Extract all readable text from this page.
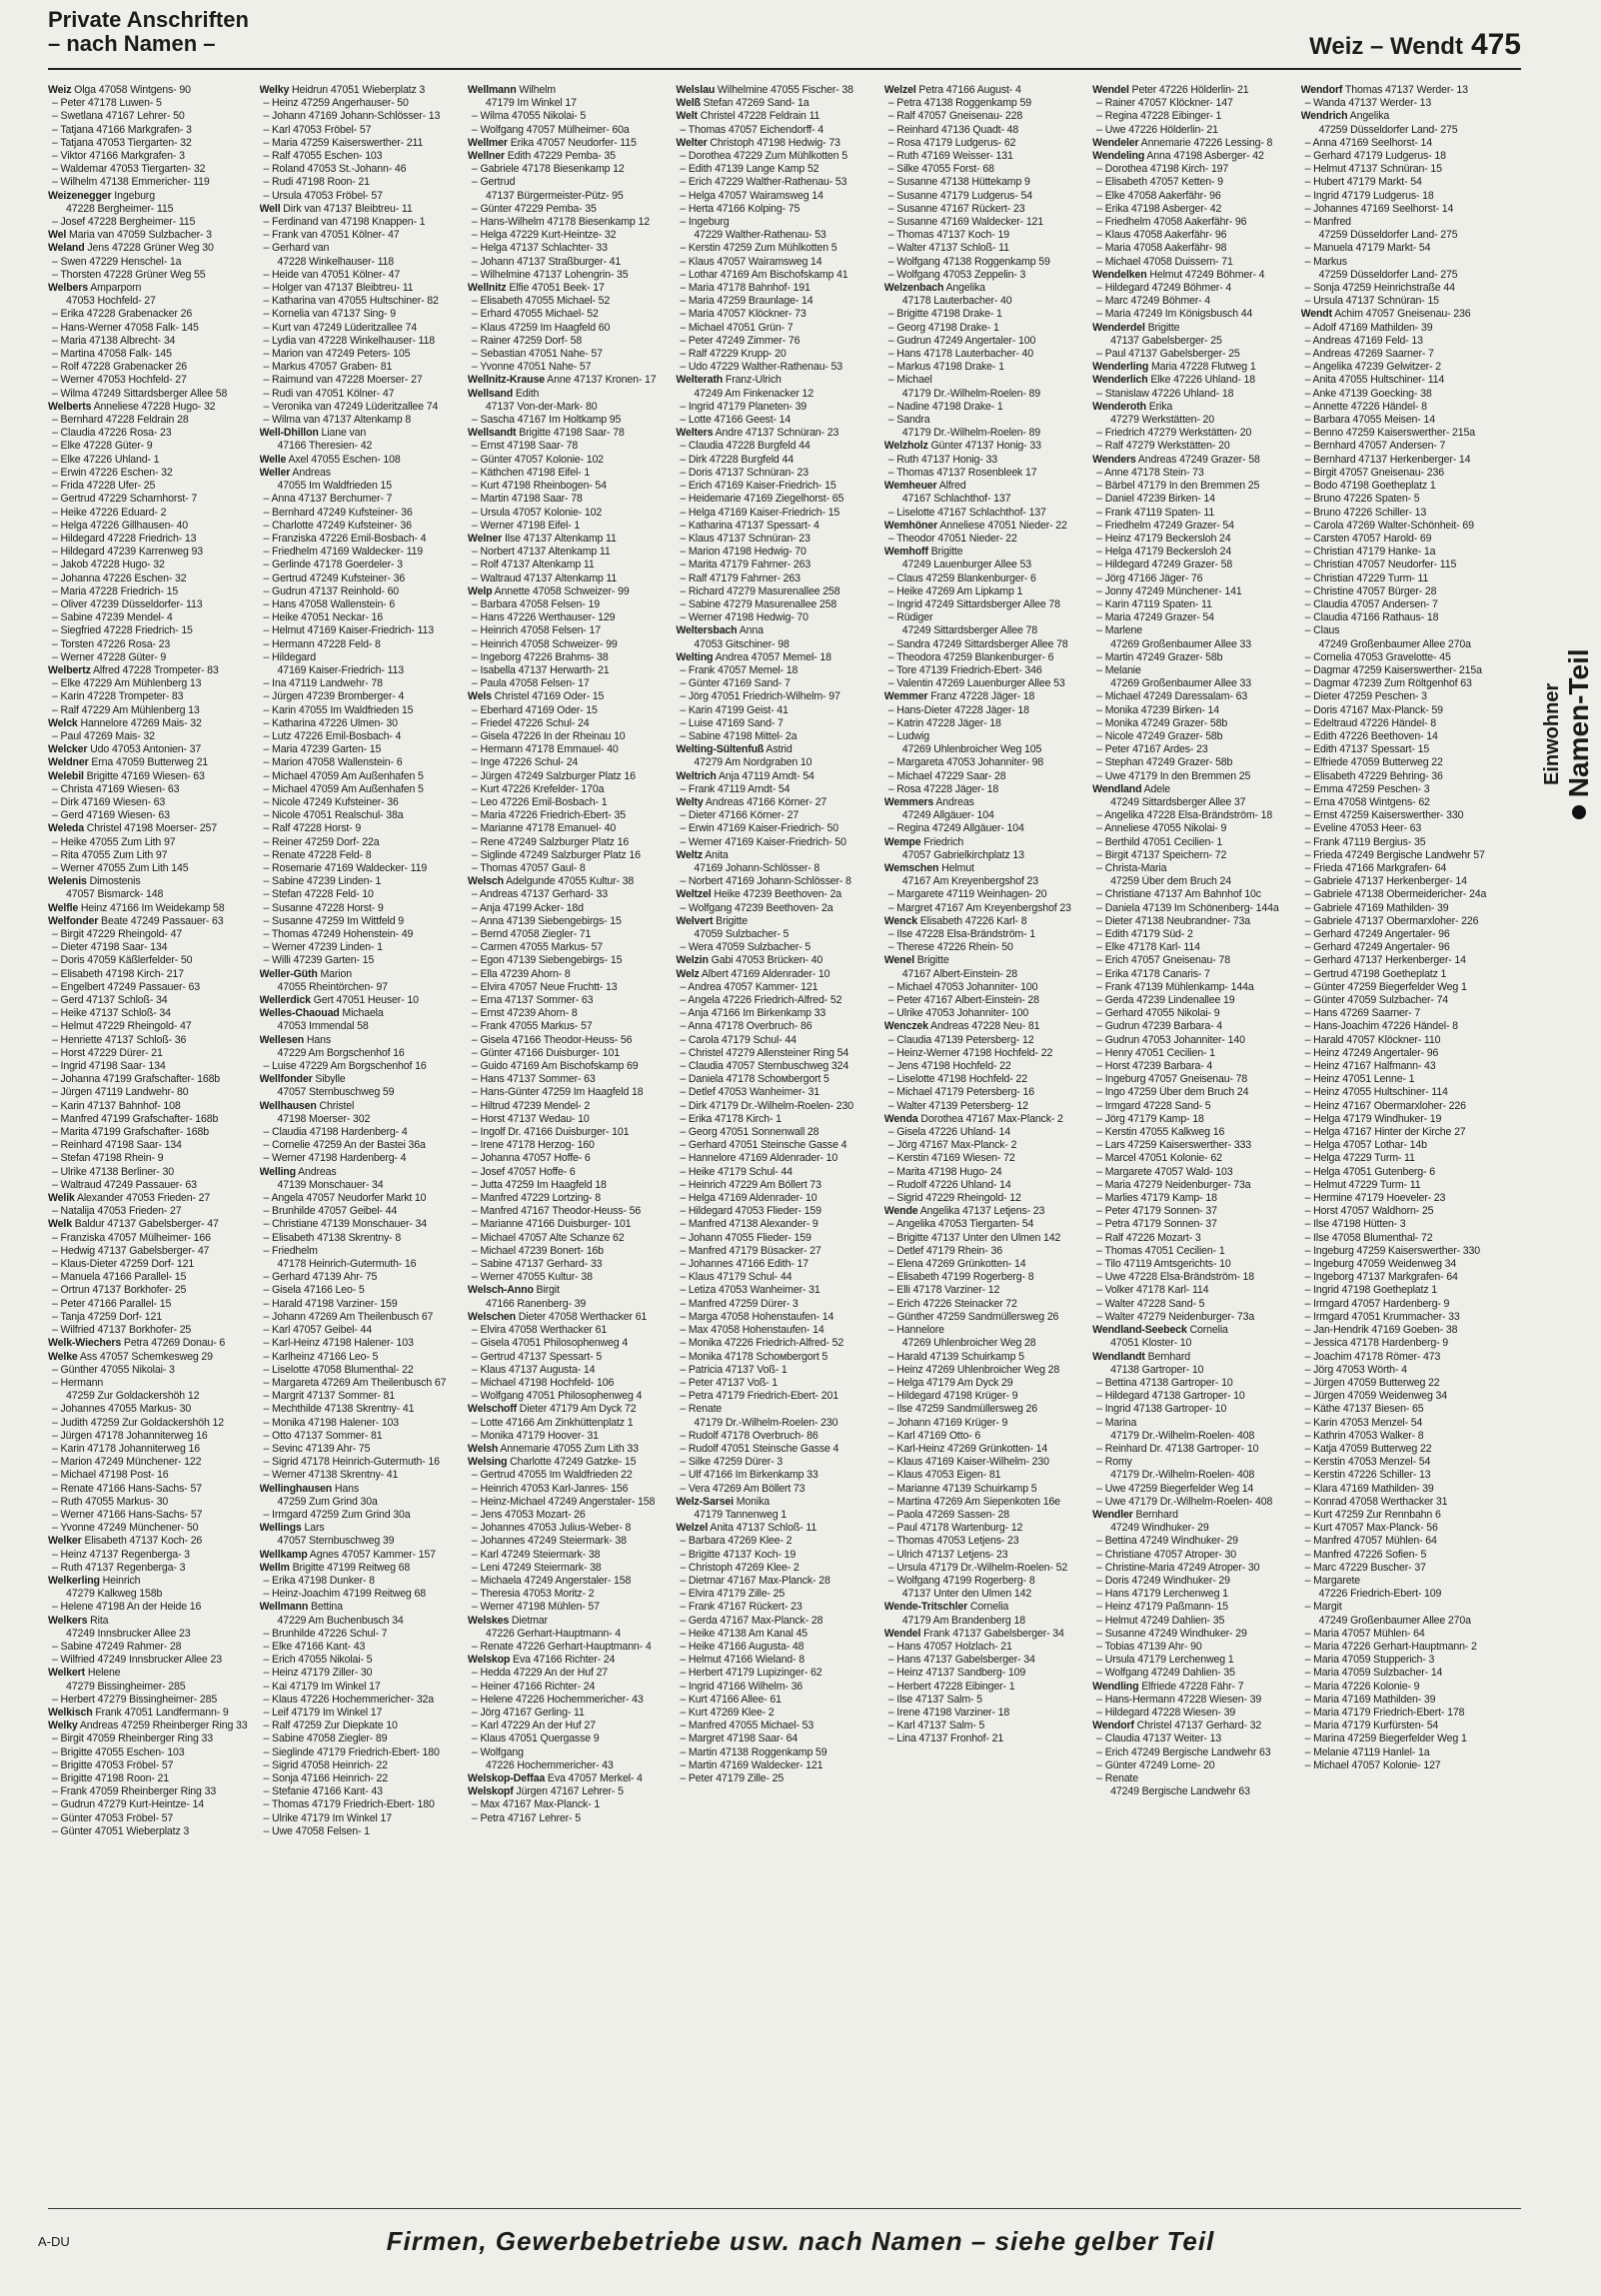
Private Anschriften
– nach Namen –	Weiz – Wendt 475
Weiz Olga 47058 Wintgens- 90
– Peter 47178 Luwen- 5
– Swetlana 47167 Lehrer- 50
– Tatjana 47166 Markgrafen- 3
– Tatjana 47053 Tiergarten- 32
– Viktor 47166 Markgrafen- 3
– Waldemar 47053 Tiergarten- 32
– Wilhelm 47138 Emmericher- 119
Weizenegger Ingeburg
47228 Bergheimer- 115
– Josef 47228 Bergheimer- 115
Wel Maria van 47059 Sulzbacher- 3
Weland Jens 47228 Grüner Weg 30
– Swen 47229 Henschel- 1a
– Thorsten 47228 Grüner Weg 55
Welbers Amparporn
47053 Hochfeld- 27
– Erika 47228 Grabenacker 26
– Hans-Werner 47058 Falk- 145
– Maria 47138 Albrecht- 34
– Martina 47058 Falk- 145
– Rolf 47228 Grabenacker 26
– Werner 47053 Hochfeld- 27
– Wilma 47249 Sittardsberger Allee 58
Welberts Anneliese 47228 Hugo- 32
– Bernhard 47228 Feldrain 28
– Claudia 47226 Rosa- 23
– Elke 47228 Güter- 9
– Elke 47226 Uhland- 1
– Erwin 47226 Eschen- 32
– Frida 47228 Ufer- 25
– Gertrud 47229 Scharnhorst- 7
– Heike 47226 Eduard- 2
– Helga 47226 Gillhausen- 40
– Hildegard 47228 Friedrich- 13
– Hildegard 47239 Karrenweg 93
– Jakob 47228 Hugo- 32
– Johanna 47226 Eschen- 32
– Maria 47228 Friedrich- 15
– Oliver 47239 Düsseldorfer- 113
– Sabine 47239 Mendel- 4
– Siegfried 47228 Friedrich- 15
– Torsten 47226 Rosa- 23
– Werner 47228 Güter- 9
Welbertz Alfred 47228 Trompeter- 83
– Elke 47229 Am Mühlenberg 13
– Karin 47228 Trompeter- 83
– Ralf 47229 Am Mühlenberg 13
Welck Hannelore 47269 Mais- 32
– Paul 47269 Mais- 32
Welcker Udo 47053 Antonien- 37
Weldner Erna 47059 Butterweg 21
Welebil Brigitte 47169 Wiesen- 63
– Christa 47169 Wiesen- 63
– Dirk 47169 Wiesen- 63
– Gerd 47169 Wiesen- 63
Weleda Christel 47198 Moerser- 257
– Heike 47055 Zum Lith 97
– Rita 47055 Zum Lith 97
– Werner 47055 Zum Lith 145
Welenis Dimostenis
47057 Bismarck- 148
Welfle Heinz 47166 Im Weidekamp 58
Welfonder Beate 47249 Passauer- 63
– Birgit 47229 Rheingold- 47
– Dieter 47198 Saar- 134
– Doris 47059 Käßlerfelder- 50
– Elisabeth 47198 Kirch- 217
– Engelbert 47249 Passauer- 63
– Gerd 47137 Schloß- 34
– Heike 47137 Schloß- 34
– Helmut 47229 Rheingold- 47
– Henriette 47137 Schloß- 36
– Horst 47229 Dürer- 21
– Ingrid 47198 Saar- 134
– Johanna 47199 Grafschafter- 168b
– Jürgen 47119 Landwehr- 80
– Karin 47137 Bahnhof- 108
– Manfred 47199 Grafschafter- 168b
– Marita 47199 Grafschafter- 168b
– Reinhard 47198 Saar- 134
– Stefan 47198 Rhein- 9
– Ulrike 47138 Berliner- 30
– Waltraud 47249 Passauer- 63
Welik Alexander 47053 Frieden- 27
– Natalija 47053 Frieden- 27
Welk Baldur 47137 Gabelsberger- 47
– Franziska 47057 Mülheimer- 166
– Hedwig 47137 Gabelsberger- 47
– Klaus-Dieter 47259 Dorf- 121
– Manuela 47166 Parallel- 15
– Ortrun 47137 Borkhofer- 25
– Peter 47166 Parallel- 15
– Tanja 47259 Dorf- 121
– Wilfried 47137 Borkhofer- 25
Welk-Wiechers Petra 47269 Donau- 6
Welke Ass 47057 Schemkesweg 29
– Günther 47055 Nikolai- 3
– Hermann
47259 Zur Goldackershöh 12
– Johannes 47055 Markus- 30
– Judith 47259 Zur Goldackershöh 12
– Jürgen 47178 Johanniterweg 16
– Karin 47178 Johanniterweg 16
– Marion 47249 Münchener- 122
– Michael 47198 Post- 16
– Renate 47166 Hans-Sachs- 57
– Ruth 47055 Markus- 30
– Werner 47166 Hans-Sachs- 57
– Yvonne 47249 Münchener- 50
Welker Elisabeth 47137 Koch- 26
– Heinz 47137 Regenberga- 3
– Ruth 47137 Regenberga- 3
Welkerling Heinrich
47279 Kalkweg 158b
– Helene 47198 An der Heide 16
Welkers Rita
47249 Innsbrucker Allee 23
– Sabine 47249 Rahmer- 28
– Wilfried 47249 Innsbrucker Allee 23
Welkert Helene
47279 Bissingheimer- 285
– Herbert 47279 Bissingheimer- 285
Welkisch Frank 47051 Landfermann- 9
Welky Andreas 47259 Rheinberger Ring 33
– Birgit 47059 Rheinberger Ring 33
– Brigitte 47055 Eschen- 103
– Brigitte 47053 Fröbel- 57
– Brigitte 47198 Roon- 21
– Frank 47059 Rheinberger Ring 33
– Gudrun 47279 Kurt-Heintze- 14
– Günter 47053 Fröbel- 57
– Günter 47051 Wieberplatz 3
Welky Heidrun 47051 Wieberplatz 3
– Heinz 47259 Angerhauser- 50
– Johann 47169 Johann-Schlösser- 13
– Karl 47053 Fröbel- 57
– Maria 47259 Kaiserswerther- 211
– Ralf 47055 Eschen- 103
– Roland 47053 St.-Johann- 46
– Rudi 47198 Roon- 21
– Ursula 47053 Fröbel- 57
Well Dirk van 47137 Bleibtreu- 11
– Ferdinand van 47198 Knappen- 1
– Frank van 47051 Kölner- 47
– Gerhard van
47228 Winkelhauser- 118
– Heide van 47051 Kölner- 47
– Holger van 47137 Bleibtreu- 11
– Katharina van 47055 Hultschiner- 82
– Kornelia van 47137 Sing- 9
– Kurt van 47249 Lüderitzallee 74
– Lydia van 47228 Winkelhauser- 118
– Marion van 47249 Peters- 105
– Markus 47057 Graben- 81
– Raimund van 47228 Moerser- 27
– Rudi van 47051 Kölner- 47
– Veronika van 47249 Lüderitzallee 74
– Wilma van 47137 Altenkamp 8
Well-Dhillon Liane van
47166 Theresien- 42
Welle Axel 47055 Eschen- 108
Weller Andreas
47055 Im Waldfrieden 15
– Anna 47137 Berchumer- 7
– Bernhard 47249 Kufsteiner- 36
– Charlotte 47249 Kufsteiner- 36
– Franziska 47226 Emil-Bosbach- 4
– Friedhelm 47169 Waldecker- 119
– Gerlinde 47178 Goerdeler- 3
– Gertrud 47249 Kufsteiner- 36
– Gudrun 47137 Reinhold- 60
– Hans 47058 Wallenstein- 6
– Heike 47051 Neckar- 16
– Helmut 47169 Kaiser-Friedrich- 113
– Hermann 47228 Feld- 8
– Hildegard
47169 Kaiser-Friedrich- 113
– Ina 47119 Landwehr- 78
– Jürgen 47239 Bromberger- 4
– Karin 47055 Im Waldfrieden 15
– Katharina 47226 Ulmen- 30
– Lutz 47226 Emil-Bosbach- 4
– Maria 47239 Garten- 15
– Marion 47058 Wallenstein- 6
– Michael 47059 Am Außenhafen 5
– Michael 47059 Am Außenhafen 5
– Nicole 47249 Kufsteiner- 36
– Nicole 47051 Realschul- 38a
– Ralf 47228 Horst- 9
– Reiner 47259 Dorf- 22a
– Renate 47228 Feld- 8
– Rosemarie 47169 Waldecker- 119
– Sabine 47239 Linden- 1
– Stefan 47228 Feld- 10
– Susanne 47228 Horst- 9
– Susanne 47259 Im Wittfeld 9
– Thomas 47249 Hohenstein- 49
– Werner 47239 Linden- 1
– Willi 47239 Garten- 15
Weller-Güth Marion
47055 Rheintörchen- 97
Wellerdick Gert 47051 Heuser- 10
Welles-Chaouad Michaela
47053 Immendal 58
Wellesen Hans
47229 Am Borgschenhof 16
– Luise 47229 Am Borgschenhof 16
Wellfonder Sibylle
47057 Sternbuschweg 59
Wellhausen Christel
47198 Moerser- 302
– Claudia 47198 Hardenberg- 4
– Cornelie 47259 An der Bastei 36a
– Werner 47198 Hardenberg- 4
Welling Andreas
47139 Monschauer- 34
– Angela 47057 Neudorfer Markt 10
– Brunhilde 47057 Geibel- 44
– Christiane 47139 Monschauer- 34
– Elisabeth 47138 Skrentny- 8
– Friedhelm
47178 Heinrich-Gutermuth- 16
– Gerhard 47139 Ahr- 75
– Gisela 47166 Leo- 5
– Harald 47198 Varziner- 159
– Johann 47269 Am Theilenbusch 67
– Karl 47057 Geibel- 44
– Karl-Heinz 47198 Halener- 103
– Karlheinz 47166 Leo- 5
– Liselotte 47058 Blumenthal- 22
– Margareta 47269 Am Theilenbusch 67
– Margrit 47137 Sommer- 81
– Mechthilde 47138 Skrentny- 41
– Monika 47198 Halener- 103
– Otto 47137 Sommer- 81
– Sevinc 47139 Ahr- 75
– Sigrid 47178 Heinrich-Gutermuth- 16
– Werner 47138 Skrentny- 41
Wellinghausen Hans
47259 Zum Grind 30a
– Irmgard 47259 Zum Grind 30a
Wellings Lars
47057 Sternbuschweg 39
Wellkamp Agnes 47057 Kammer- 157
Wellm Brigitte 47199 Reitweg 68
– Erika 47198 Dunker- 8
– Heinz-Joachim 47199 Reitweg 68
Wellmann Bettina
47229 Am Buchenbusch 34
– Brunhilde 47226 Schul- 7
– Elke 47166 Kant- 43
– Erich 47055 Nikolai- 5
– Heinz 47179 Ziller- 30
– Kai 47179 Im Winkel 17
– Klaus 47226 Hochemmericher- 32a
– Leif 47179 Im Winkel 17
– Ralf 47259 Zur Diepkate 10
– Sabine 47058 Ziegler- 89
– Sieglinde 47179 Friedrich-Ebert- 180
– Sigrid 47058 Heinrich- 22
– Sonja 47166 Heinrich- 22
– Stefanie 47166 Kant- 43
– Thomas 47179 Friedrich-Ebert- 180
– Ulrike 47179 Im Winkel 17
– Uwe 47058 Felsen- 1
Wellmann Wilhelm
47179 Im Winkel 17
– Wilma 47055 Nikolai- 5
– Wolfgang 47057 Mülheimer- 60a
Wellmer Erika 47057 Neudorfer- 115
Wellner Edith 47229 Pemba- 35
– Gabriele 47178 Biesenkamp 12
– Gertrud
47137 Bürgermeister-Pütz- 95
– Günter 47229 Pemba- 35
– Hans-Wilhelm 47178 Biesenkamp 12
– Helga 47229 Kurt-Heintze- 32
– Helga 47137 Schlachter- 33
– Johann 47137 Straßburger- 41
– Wilhelmine 47137 Lohengrin- 35
Wellnitz Elfie 47051 Beek- 17
– Elisabeth 47055 Michael- 52
– Erhard 47055 Michael- 52
– Klaus 47259 Im Haagfeld 60
– Rainer 47259 Dorf- 58
– Sebastian 47051 Nahe- 57
– Yvonne 47051 Nahe- 57
Wellnitz-Krause Anne 47137 Kronen- 17
Wellsand Edith
47137 Von-der-Mark- 80
– Sascha 47167 Im Holtkamp 95
Wellsandt Brigitte 47198 Saar- 78
– Ernst 47198 Saar- 78
– Günter 47057 Koloniе- 102
– Käthchen 47198 Eifel- 1
– Kurt 47198 Rheinbogen- 54
– Martin 47198 Saar- 78
– Ursula 47057 Kolonie- 102
– Werner 47198 Eifel- 1
Welner Ilse 47137 Altenkamp 11
– Norbert 47137 Altenkamp 11
– Rolf 47137 Altenkamp 11
– Waltraud 47137 Altenkamp 11
Welp Annette 47058 Schweizer- 99
– Barbara 47058 Felsen- 19
– Hans 47226 Werthauser- 129
– Heinrich 47058 Felsen- 17
– Heinrich 47058 Schweizer- 99
– Ingeborg 47226 Brahms- 38
– Isabella 47137 Herwarth- 21
– Paula 47058 Felsen- 17
Wels Christel 47169 Oder- 15
– Eberhard 47169 Oder- 15
– Friedel 47226 Schul- 24
– Gisela 47226 In der Rheinau 10
– Hermann 47178 Emmauel- 40
– Inge 47226 Schul- 24
– Jürgen 47249 Salzburger Platz 16
– Kurt 47226 Krefelder- 170a
– Leo 47226 Emil-Bosbach- 1
– Maria 47226 Friedrich-Ebert- 35
– Marianne 47178 Emanuel- 40
– Rene 47249 Salzburger Platz 16
– Siglinde 47249 Salzburger Platz 16
– Thomas 47057 Gaul- 8
Welsch Adelgunde 47055 Kultur- 38
– Andreas 47137 Gerhard- 33
– Anja 47199 Acker- 18d
– Anna 47139 Siebengebirgs- 15
– Bernd 47058 Ziegler- 71
– Carmen 47055 Markus- 57
– Egon 47139 Siebengebirgs- 15
– Ella 47239 Ahorn- 8
– Elvira 47057 Neue Fruchtt- 13
– Erna 47137 Sommer- 63
– Ernst 47239 Ahorn- 8
– Frank 47055 Markus- 57
– Gisela 47166 Theodor-Heuss- 56
– Günter 47166 Duisburger- 101
– Guido 47169 Am Bischofskamp 69
– Hans 47137 Sommer- 63
– Hans-Günter 47259 Im Haagfeld 18
– Hiltrud 47239 Mendel- 2
– Horst 47137 Wedau- 10
– Ingolf Dr. 47166 Duisburger- 101
– Irene 47178 Herzog- 160
– Johanna 47057 Hoffe- 6
– Josef 47057 Hoffe- 6
– Jutta 47259 Im Haagfeld 18
– Manfred 47229 Lortzing- 8
– Manfred 47167 Theodor-Heuss- 56
– Marianne 47166 Duisburger- 101
– Michael 47057 Alte Schanze 62
– Michael 47239 Bonert- 16b
– Sabine 47137 Gerhard- 33
– Werner 47055 Kultur- 38
Welsch-Anno Birgit
47166 Ranenberg- 39
Welschen Dieter 47058 Werthacker 61
– Elvira 47058 Werthacker 61
– Gisela 47051 Philosophenweg 4
– Gertrud 47137 Spessart- 5
– Klaus 47137 Augusta- 14
– Michael 47198 Hochfeld- 106
– Wolfgang 47051 Philosophenweg 4
Welschoff Dieter 47179 Am Dyck 72
– Lotte 47166 Am Zinkhüttenplatz 1
– Monika 47179 Hoover- 31
Welsh Annemarie 47055 Zum Lith 33
Welsing Charlotte 47249 Gatzke- 15
– Gertrud 47055 Im Waldfrieden 22
– Heinrich 47053 Karl-Janres- 156
– Heinz-Michael 47249 Angerstaler- 158
– Jens 47053 Mozart- 26
– Johannes 47053 Julius-Weber- 8
– Johannes 47249 Steiermark- 38
– Karl 47249 Steiermark- 38
– Leni 47249 Steiermark- 38
– Michaela 47249 Angerstaler- 158
– Theresia 47053 Moritz- 2
– Werner 47198 Mühlen- 57
Welskes Dietmar
47226 Gerhart-Hauptmann- 4
– Renate 47226 Gerhart-Hauptmann- 4
Welskop Eva 47166 Richter- 24
– Hedda 47229 An der Huf 27
– Heiner 47166 Richter- 24
– Helene 47226 Hochemmericher- 43
– Jörg 47167 Gerling- 11
– Karl 47229 An der Huf 27
– Klaus 47051 Quergasse 9
– Wolfgang
47226 Hochemmericher- 43
Welskop-Deffaa Eva 47057 Merkel- 4
Welskopf Jürgen 47167 Lehrer- 5
– Max 47167 Max-Planck- 1
– Petra 47167 Lehrer- 5
Welslau Wilhelmine 47055 Fischer- 38
Welß Stefan 47269 Sand- 1a
Welt Christel 47228 Feldrain 11
– Thomas 47057 Eichendorff- 4
Welter Christoph 47198 Hedwig- 73
– Dorothea 47229 Zum Mühlkotten 5
– Edith 47139 Lange Kamp 52
– Erich 47229 Walther-Rathenau- 53
– Helga 47057 Wairamsweg 14
– Herta 47166 Kolping- 75
– Ingeburg
47229 Walther-Rathenau- 53
– Kerstin 47259 Zum Mühlkotten 5
– Klaus 47057 Wairamsweg 14
– Lothar 47169 Am Bischofskamp 41
– Maria 47178 Bahnhof- 191
– Maria 47259 Braunlage- 14
– Maria 47057 Klöckner- 73
– Michael 47051 Grün- 7
– Peter 47249 Zimmer- 76
– Ralf 47229 Krupp- 20
– Udo 47229 Walther-Rathenau- 53
Welterath Franz-Ulrich
47249 Am Finkenacker 12
– Ingrid 47179 Planeten- 39
– Lotte 47166 Geest- 14
Welters Andre 47137 Schnüran- 23
– Claudia 47228 Burgfeld 44
– Dirk 47228 Burgfeld 44
– Doris 47137 Schnüran- 23
– Erich 47169 Kaiser-Friedrich- 15
– Heidemarie 47169 Ziegelhorst- 65
– Helga 47169 Kaiser-Friedrich- 15
– Katharina 47137 Spessart- 4
– Klaus 47137 Schnüran- 23
– Marion 47198 Hedwig- 70
– Marita 47179 Fahrner- 263
– Ralf 47179 Fahrner- 263
– Richard 47279 Masurenallee 258
– Sabine 47279 Masurenallee 258
– Werner 47198 Hedwig- 70
Weltersbach Anna
47053 Gitschiner- 98
Welting Andrea 47057 Memel- 18
– Frank 47057 Memel- 18
– Günter 47169 Sand- 7
– Jörg 47051 Friedrich-Wilhelm- 97
– Karin 47199 Geist- 41
– Luise 47169 Sand- 7
– Sabine 47198 Mittel- 2a
Welting-Sültenfuß Astrid
47279 Am Nordgraben 10
Weltrich Anja 47119 Arndt- 54
– Frank 47119 Arndt- 54
Welty Andreas 47166 Körner- 27
– Dieter 47166 Körner- 27
– Erwin 47169 Kaiser-Friedrich- 50
– Werner 47169 Kaiser-Friedrich- 50
Weltz Anita
47169 Johann-Schlösser- 8
– Norbert 47169 Johann-Schlösser- 8
Weltzel Heike 47239 Beethoven- 2a
– Wolfgang 47239 Beethoven- 2a
Welvert Brigitte
47059 Sulzbacher- 5
– Wera 47059 Sulzbacher- 5
Welzin Gabi 47053 Brücken- 40
Welz Albert 47169 Aldenrader- 10
– Andrea 47057 Kammer- 121
– Angela 47226 Friedrich-Alfred- 52
– Anja 47166 Im Birkenkamp 33
– Anna 47178 Overbruch- 86
– Carola 47179 Schul- 44
– Christel 47279 Allensteiner Ring 54
– Claudia 47057 Sternbuschweg 324
– Daniela 47178 Schoмbergort 5
– Detlef 47053 Wanheimer- 31
– Dirk 47179 Dr.-Wilhelm-Roelen- 230
– Erika 47178 Kirch- 1
– Georg 47051 Sonnenwall 28
– Gerhard 47051 Steinsche Gasse 4
– Hannelore 47169 Aldenrader- 10
– Heike 47179 Schul- 44
– Heinrich 47229 Am Böllert 73
– Helga 47169 Aldenrader- 10
– Hildegard 47053 Flieder- 159
– Manfred 47138 Alexander- 9
– Johann 47055 Flieder- 159
– Manfred 47179 Büsacker- 27
– Johannes 47166 Edith- 17
– Klaus 47179 Schul- 44
– Letiza 47053 Wanheimer- 31
– Manfred 47259 Dürer- 3
– Marga 47058 Hohenstaufen- 14
– Max 47058 Hohenstaufen- 14
– Monika 47226 Friedrich-Alfred- 52
– Monika 47178 Schoмbergort 5
– Patricia 47137 Voß- 1
– Peter 47137 Voß- 1
– Petra 47179 Friedrich-Ebert- 201
– Renate
47179 Dr.-Wilhelm-Roelen- 230
– Rudolf 47178 Overbruch- 86
– Rudolf 47051 Steinsche Gasse 4
– Silke 47259 Dürer- 3
– Ulf 47166 Im Birkenkamp 33
– Vera 47269 Am Böllert 73
Welz-Sarsei Monika
47179 Tannenweg 1
Welzel Anita 47137 Schloß- 11
– Barbara 47269 Klee- 2
– Brigitte 47137 Koch- 19
– Christoph 47269 Klee- 2
– Dietmar 47167 Max-Planck- 28
– Elvira 47179 Zille- 25
– Frank 47167 Rückert- 23
– Gerda 47167 Max-Planck- 28
– Heike 47138 Am Kanal 45
– Heike 47166 Augusta- 48
– Helmut 47166 Wieland- 8
– Herbert 47179 Lupizinger- 62
– Ingrid 47166 Wilhelm- 36
– Kurt 47166 Allee- 61
– Kurt 47269 Klee- 2
– Manfred 47055 Michael- 53
– Margret 47198 Saar- 64
– Martin 47138 Roggenkamp 59
– Martin 47169 Waldecker- 121
– Peter 47179 Zille- 25
Welzel Petra 47166 August- 4
– Petra 47138 Roggenkamp 59
– Ralf 47057 Gneisenau- 228
– Reinhard 47136 Quadt- 48
– Rosa 47179 Ludgerus- 62
– Ruth 47169 Weisser- 131
– Silke 47055 Forst- 68
– Susanne 47138 Hüttekamp 9
– Susanne 47179 Ludgerus- 54
– Susanne 47167 Rückert- 23
– Susanne 47169 Waldecker- 121
– Thomas 47137 Koch- 19
– Walter 47137 Schloß- 11
– Wolfgang 47138 Roggenkamp 59
– Wolfgang 47053 Zeppelin- 3
Welzenbach Angelika
47178 Lauterbacher- 40
– Brigitte 47198 Drake- 1
– Georg 47198 Drake- 1
– Gudrun 47249 Angertaler- 100
– Hans 47178 Lauterbacher- 40
– Markus 47198 Drake- 1
– Michael
47179 Dr.-Wilhelm-Roelen- 89
– Nadine 47198 Drake- 1
– Sandra
47179 Dr.-Wilhelm-Roelen- 89
Welzholz Günter 47137 Honig- 33
– Ruth 47137 Honig- 33
– Thomas 47137 Rosenbleek 17
Wemheuer Alfred
47167 Schlachthof- 137
– Liselotte 47167 Schlachthof- 137
Wemhöner Anneliese 47051 Nieder- 22
– Theodor 47051 Nieder- 22
Wemhoff Brigitte
47249 Lauenburger Allee 53
– Claus 47259 Blankenburger- 6
– Heike 47269 Am Lipkamp 1
– Ingrid 47249 Sittardsberger Allee 78
– Rüdiger
47249 Sittardsberger Allee 78
– Sandra 47249 Sittardsberger Allee 78
– Theodora 47259 Blankenburger- 6
– Tore 47139 Friedrich-Ebert- 346
– Valentin 47269 Lauenburger Allee 53
Wemmer Franz 47228 Jäger- 18
– Hans-Dieter 47228 Jäger- 18
– Katrin 47228 Jäger- 18
– Ludwig
47269 Uhlenbroicher Weg 105
– Margareta 47053 Johanniter- 98
– Michael 47229 Saar- 28
– Rosa 47228 Jäger- 18
Wemmers Andreas
47249 Allgäuer- 104
– Regina 47249 Allgäuer- 104
Wempe Friedrich
47057 Gabrielkirchplatz 13
Wemschen Helmut
47167 Am Kreyenbergshof 23
– Margarete 47119 Weinhagen- 20
– Margret 47167 Am Kreyenbergshof 23
Wenck Elisabeth 47226 Karl- 8
– Ilse 47228 Elsa-Brändström- 1
– Therese 47226 Rhein- 50
Wenel Brigitte
47167 Albert-Einstein- 28
– Michael 47053 Johanniter- 100
– Peter 47167 Albert-Einstein- 28
– Ulrike 47053 Johanniter- 100
Wenczek Andreas 47228 Neu- 81
– Claudia 47139 Petersberg- 12
– Heinz-Werner 47198 Hochfeld- 22
– Jens 47198 Hochfeld- 22
– Liselotte 47198 Hochfeld- 22
– Michael 47179 Petersberg- 16
– Walter 47139 Petersberg- 12
Wenda Dorothea 47167 Max-Planck- 2
– Gisela 47226 Uhland- 14
– Jörg 47167 Max-Planck- 2
– Kerstin 47169 Wiesen- 72
– Marita 47198 Hugo- 24
– Rudolf 47226 Uhland- 14
– Sigrid 47229 Rheingold- 12
Wende Angelika 47137 Letjens- 23
– Angelika 47053 Tiergarten- 54
– Brigitte 47137 Unter den Ulmen 142
– Detlef 47179 Rhein- 36
– Elena 47269 Grünkotten- 14
– Elisabeth 47199 Rogerberg- 8
– Elli 47178 Varziner- 12
– Erich 47226 Steinacker 72
– Günther 47259 Sandmüllersweg 26
– Hannelore
47269 Uhlenbroicher Weg 28
– Harald 47139 Schuirkamp 5
– Heinz 47269 Uhlenbroicher Weg 28
– Helga 47179 Am Dyck 29
– Hildegard 47198 Krüger- 9
– Ilse 47259 Sandmüllersweg 26
– Johann 47169 Krüger- 9
– Karl 47169 Otto- 6
– Karl-Heinz 47269 Grünkotten- 14
– Klaus 47169 Kaiser-Wilhelm- 230
– Klaus 47053 Eigen- 81
– Marianne 47139 Schuirkamp 5
– Martina 47269 Am Siepenkoten 16e
– Paola 47269 Sassen- 28
– Paul 47178 Wartenburg- 12
– Thomas 47053 Letjens- 23
– Ulrich 47137 Letjens- 23
– Ursula 47179 Dr.-Wilhelm-Roelen- 52
– Wolfgang 47199 Rogerberg- 8
47137 Unter den Ulmen 142
Wende-Tritschler Cornelia
47179 Am Brandenberg 18
Wendel Frank 47137 Gabelsberger- 34
– Hans 47057 Holzlach- 21
– Hans 47137 Gabelsberger- 34
– Heinz 47137 Sandberg- 109
– Herbert 47228 Eibinger- 1
– Ilse 47137 Salm- 5
– Irene 47198 Varziner- 18
– Karl 47137 Salm- 5
– Lina 47137 Fronhof- 21
Wendel Peter 47226 Hölderlin- 21
– Rainer 47057 Klöckner- 147
– Regina 47228 Eibinger- 1
– Uwe 47226 Hölderlin- 21
Wendeler Annemarie 47226 Lessing- 8
Wendeling Anna 47198 Asberger- 42
– Dorothea 47198 Kirch- 197
– Elisabeth 47057 Ketten- 9
– Elke 47058 Aakerfähr- 96
– Erika 47198 Asberger- 42
– Friedhelm 47058 Aakerfähr- 96
– Klaus 47058 Aakerfähr- 96
– Maria 47058 Aakerfähr- 98
– Michael 47058 Duissern- 71
Wendelken Helmut 47249 Böhmer- 4
– Hildegard 47249 Böhmer- 4
– Marc 47249 Böhmer- 4
– Maria 47249 Im Königsbusch 44
Wenderdel Brigitte
47137 Gabelsberger- 25
– Paul 47137 Gabelsberger- 25
Wenderling Maria 47228 Flutweg 1
Wenderlich Elke 47226 Uhland- 18
– Stanislaw 47226 Uhland- 18
Wenderoth Erika
47279 Werkstätten- 20
– Friedrich 47279 Werkstätten- 20
– Ralf 47279 Werkstätten- 20
Wenders Andreas 47249 Grazer- 58
– Anne 47178 Stein- 73
– Bärbel 47179 In den Bremmen 25
– Daniel 47239 Birken- 14
– Frank 47119 Spaten- 11
– Friedhelm 47249 Grazer- 54
– Heinz 47179 Beckersloh 24
– Helga 47179 Beckersloh 24
– Hildegard 47249 Grazer- 58
– Jörg 47166 Jäger- 76
– Jonny 47249 Münchener- 141
– Karin 47119 Spaten- 11
– Maria 47249 Grazer- 54
– Marlene
47269 Großenbaumer Allee 33
– Martin 47249 Grazer- 58b
– Melanie
47269 Großenbaumer Allee 33
– Michael 47249 Daressalam- 63
– Monika 47239 Birken- 14
– Monika 47249 Grazer- 58b
– Nicole 47249 Grazer- 58b
– Peter 47167 Ardes- 23
– Stephan 47249 Grazer- 58b
– Uwe 47179 In den Bremmen 25
Wendland Adele
47249 Sittardsberger Allee 37
– Angelika 47228 Elsa-Brändström- 18
– Anneliese 47055 Nikolai- 9
– Berthild 47051 Cecilien- 1
– Birgit 47137 Speichern- 72
– Christa-Maria
47259 Über dem Bruch 24
– Christiane 47137 Am Bahnhof 10c
– Daniela 47139 Im Schönenberg- 144a
– Dieter 47138 Neubrandner- 73a
– Edith 47179 Süd- 2
– Elke 47178 Karl- 114
– Erich 47057 Gneisenau- 78
– Erika 47178 Canaris- 7
– Frank 47139 Mühlenkamp- 144a
– Gerda 47239 Lindenallee 19
– Gerhard 47055 Nikolai- 9
– Gudrun 47239 Barbara- 4
– Gudrun 47053 Johanniter- 140
– Henry 47051 Cecilien- 1
– Horst 47239 Barbara- 4
– Ingeburg 47057 Gneisenau- 78
– Ingo 47259 Über dem Bruch 24
– Irmgard 47228 Sand- 5
– Jörg 47179 Kamp- 18
– Kerstin 47055 Kalkweg 16
– Lars 47259 Kaiserswerther- 333
– Marcel 47051 Kolonie- 62
– Margarete 47057 Wald- 103
– Maria 47279 Neidenburger- 73a
– Marlies 47179 Kamp- 18
– Peter 47179 Sonnen- 37
– Petra 47179 Sonnen- 37
– Ralf 47226 Mozart- 3
– Thomas 47051 Cecilien- 1
– Tilo 47119 Amtsgerichts- 10
– Uwe 47228 Elsa-Brändström- 18
– Volker 47178 Karl- 114
– Walter 47228 Sand- 5
– Walter 47279 Neidenburger- 73a
Wendland-Seebeck Cornelia
47051 Kloster- 10
Wendlandt Bernhard
47138 Gartroper- 10
– Bettina 47138 Gartroper- 10
– Hildegard 47138 Gartroper- 10
– Ingrid 47138 Gartroper- 10
– Marina
47179 Dr.-Wilhelm-Roelen- 408
– Reinhard Dr. 47138 Gartroper- 10
– Romy
47179 Dr.-Wilhelm-Roelen- 408
– Uwe 47259 Biegerfelder Weg 14
– Uwe 47179 Dr.-Wilhelm-Roelen- 408
Wendler Bernhard
47249 Windhuker- 29
– Bettina 47249 Windhuker- 29
– Christiane 47057 Atroper- 30
– Christine-Maria 47249 Atroper- 30
– Doris 47249 Windhuker- 29
– Hans 47179 Lerchenweg 1
– Heinz 47179 Paßmann- 15
– Helmut 47249 Dahlien- 35
– Susanne 47249 Windhuker- 29
– Tobias 47139 Ahr- 90
– Ursula 47179 Lerchenweg 1
– Wolfgang 47249 Dahlien- 35
Wendling Elfriede 47228 Fähr- 7
– Hans-Hermann 47228 Wiesen- 39
– Hildegard 47228 Wiesen- 39
Wendorf Christel 47137 Gerhard- 32
– Claudia 47137 Weiter- 13
– Erich 47249 Bergische Landwehr 63
– Günter 47249 Lorne- 20
– Renate
47249 Bergische Landwehr 63
Wendorf Thomas 47137 Werder- 13
– Wanda 47137 Werder- 13
Wendrich Angelika
47259 Düsseldorfer Land- 275
– Anna 47169 Seelhorst- 14
– Gerhard 47179 Ludgerus- 18
– Helmut 47137 Schnüran- 15
– Hubert 47179 Markt- 54
– Ingrid 47179 Ludgerus- 18
– Johannes 47169 Seelhorst- 14
– Manfred
47259 Düsseldorfer Land- 275
– Manuela 47179 Markt- 54
– Markus
47259 Düsseldorfer Land- 275
– Sonja 47259 Heinrichstraße 44
– Ursula 47137 Schnüran- 15
Wendt Achim 47057 Gneisenau- 236
– Adolf 47169 Mathilden- 39
– Andreas 47169 Feld- 13
– Andreas 47269 Saarner- 7
– Angelika 47239 Gelwitzer- 2
– Anita 47055 Hultschiner- 114
– Anke 47139 Goecking- 38
– Annette 47226 Händel- 8
– Barbara 47055 Meisen- 14
– Benno 47259 Kaiserswerther- 215a
– Bernhard 47057 Andersen- 7
– Bernhard 47137 Herkenberger- 14
– Birgit 47057 Gneisenau- 236
– Bodo 47198 Goetheplatz 1
– Bruno 47226 Spaten- 5
– Bruno 47226 Schiller- 13
– Carola 47269 Walter-Schönheit- 69
– Carsten 47057 Harold- 69
– Christian 47179 Hanke- 1a
– Christian 47057 Neudorfer- 115
– Christian 47229 Turm- 11
– Christine 47057 Bürger- 28
– Claudia 47057 Andersen- 7
– Claudia 47166 Rathaus- 18
– Claus
47249 Großenbaumer Allee 270a
– Cornelia 47053 Gravelotte- 45
– Dagmar 47259 Kaiserswerther- 215a
– Dagmar 47239 Zum Röltgenhof 63
– Dieter 47259 Peschen- 3
– Doris 47167 Max-Planck- 59
– Edeltraud 47226 Händel- 8
– Edith 47226 Beethoven- 14
– Edith 47137 Spessart- 15
– Elfriede 47059 Butterweg 22
– Elisabeth 47229 Behring- 36
– Emma 47259 Peschen- 3
– Erna 47058 Wintgens- 62
– Ernst 47259 Kaiserswerther- 330
– Eveline 47053 Heer- 63
– Frank 47119 Bergius- 35
– Frieda 47249 Bergische Landwehr 57
– Frieda 47166 Markgrafen- 64
– Gabriele 47137 Herkenberger- 14
– Gabriele 47138 Obermeidericher- 24a
– Gabriele 47169 Mathilden- 39
– Gabriele 47137 Obermarxloher- 226
– Gerhard 47249 Angertaler- 96
– Gerhard 47249 Angertaler- 96
– Gerhard 47137 Herkenberger- 14
– Gertrud 47198 Goetheplatz 1
– Günter 47259 Biegerfelder Weg 1
– Günter 47059 Sulzbacher- 74
– Hans 47269 Saarner- 7
– Hans-Joachim 47226 Händel- 8
– Harald 47057 Klöckner- 110
– Heinz 47249 Angertaler- 96
– Heinz 47167 Halfmann- 43
– Heinz 47051 Lenne- 1
– Heinz 47055 Hultschiner- 114
– Heinz 47167 Obermarxloher- 226
– Helga 47179 Windhuker- 19
– Helga 47167 Hinter der Kirche 27
– Helga 47057 Lothar- 14b
– Helga 47229 Turm- 11
– Helga 47051 Gutenberg- 6
– Helmut 47229 Turm- 11
– Hermine 47179 Hoeveler- 23
– Horst 47057 Waldhorn- 25
– Ilse 47198 Hütten- 3
– Ilse 47058 Blumenthal- 72
– Ingeburg 47259 Kaiserswerther- 330
– Ingeburg 47059 Weidenweg 34
– Ingeborg 47137 Markgrafen- 64
– Ingrid 47198 Goetheplatz 1
– Irmgard 47057 Hardenberg- 9
– Irmgard 47051 Krummacher- 33
– Jan-Hendrik 47169 Goeben- 38
– Jessica 47178 Hardenberg- 9
– Joachim 47178 Römer- 473
– Jörg 47053 Wörth- 4
– Jürgen 47059 Butterweg 22
– Jürgen 47059 Weidenweg 34
– Käthe 47137 Biesen- 65
– Karin 47053 Menzel- 54
– Kathrin 47053 Walker- 8
– Katja 47059 Butterweg 22
– Kerstin 47053 Menzel- 54
– Kerstin 47226 Schiller- 13
– Klara 47169 Mathilden- 39
– Konrad 47058 Werthacker 31
– Kurt 47259 Zur Rennbahn 6
– Kurt 47057 Max-Planck- 56
– Manfred 47057 Mühlen- 64
– Manfred 47226 Sofien- 5
– Marc 47229 Buscher- 37
– Margarete
47226 Friedrich-Ebert- 109
– Margit
47249 Großenbaumer Allee 270a
– Maria 47057 Mühlen- 64
– Maria 47226 Gerhart-Hauptmann- 2
– Maria 47059 Stupperich- 3
– Maria 47059 Sulzbacher- 14
– Maria 47226 Kolonie- 9
– Maria 47169 Mathilden- 39
– Maria 47179 Friedrich-Ebert- 178
– Maria 47179 Kurfürsten- 54
– Marina 47259 Biegerfelder Weg 1
– Melanie 47119 Hanlel- 1a
– Michael 47057 Kolonie- 127
Einwohner Namen-Teil
A-DU	Firmen, Gewerbebetriebe usw. nach Namen – siehe gelber Teil
